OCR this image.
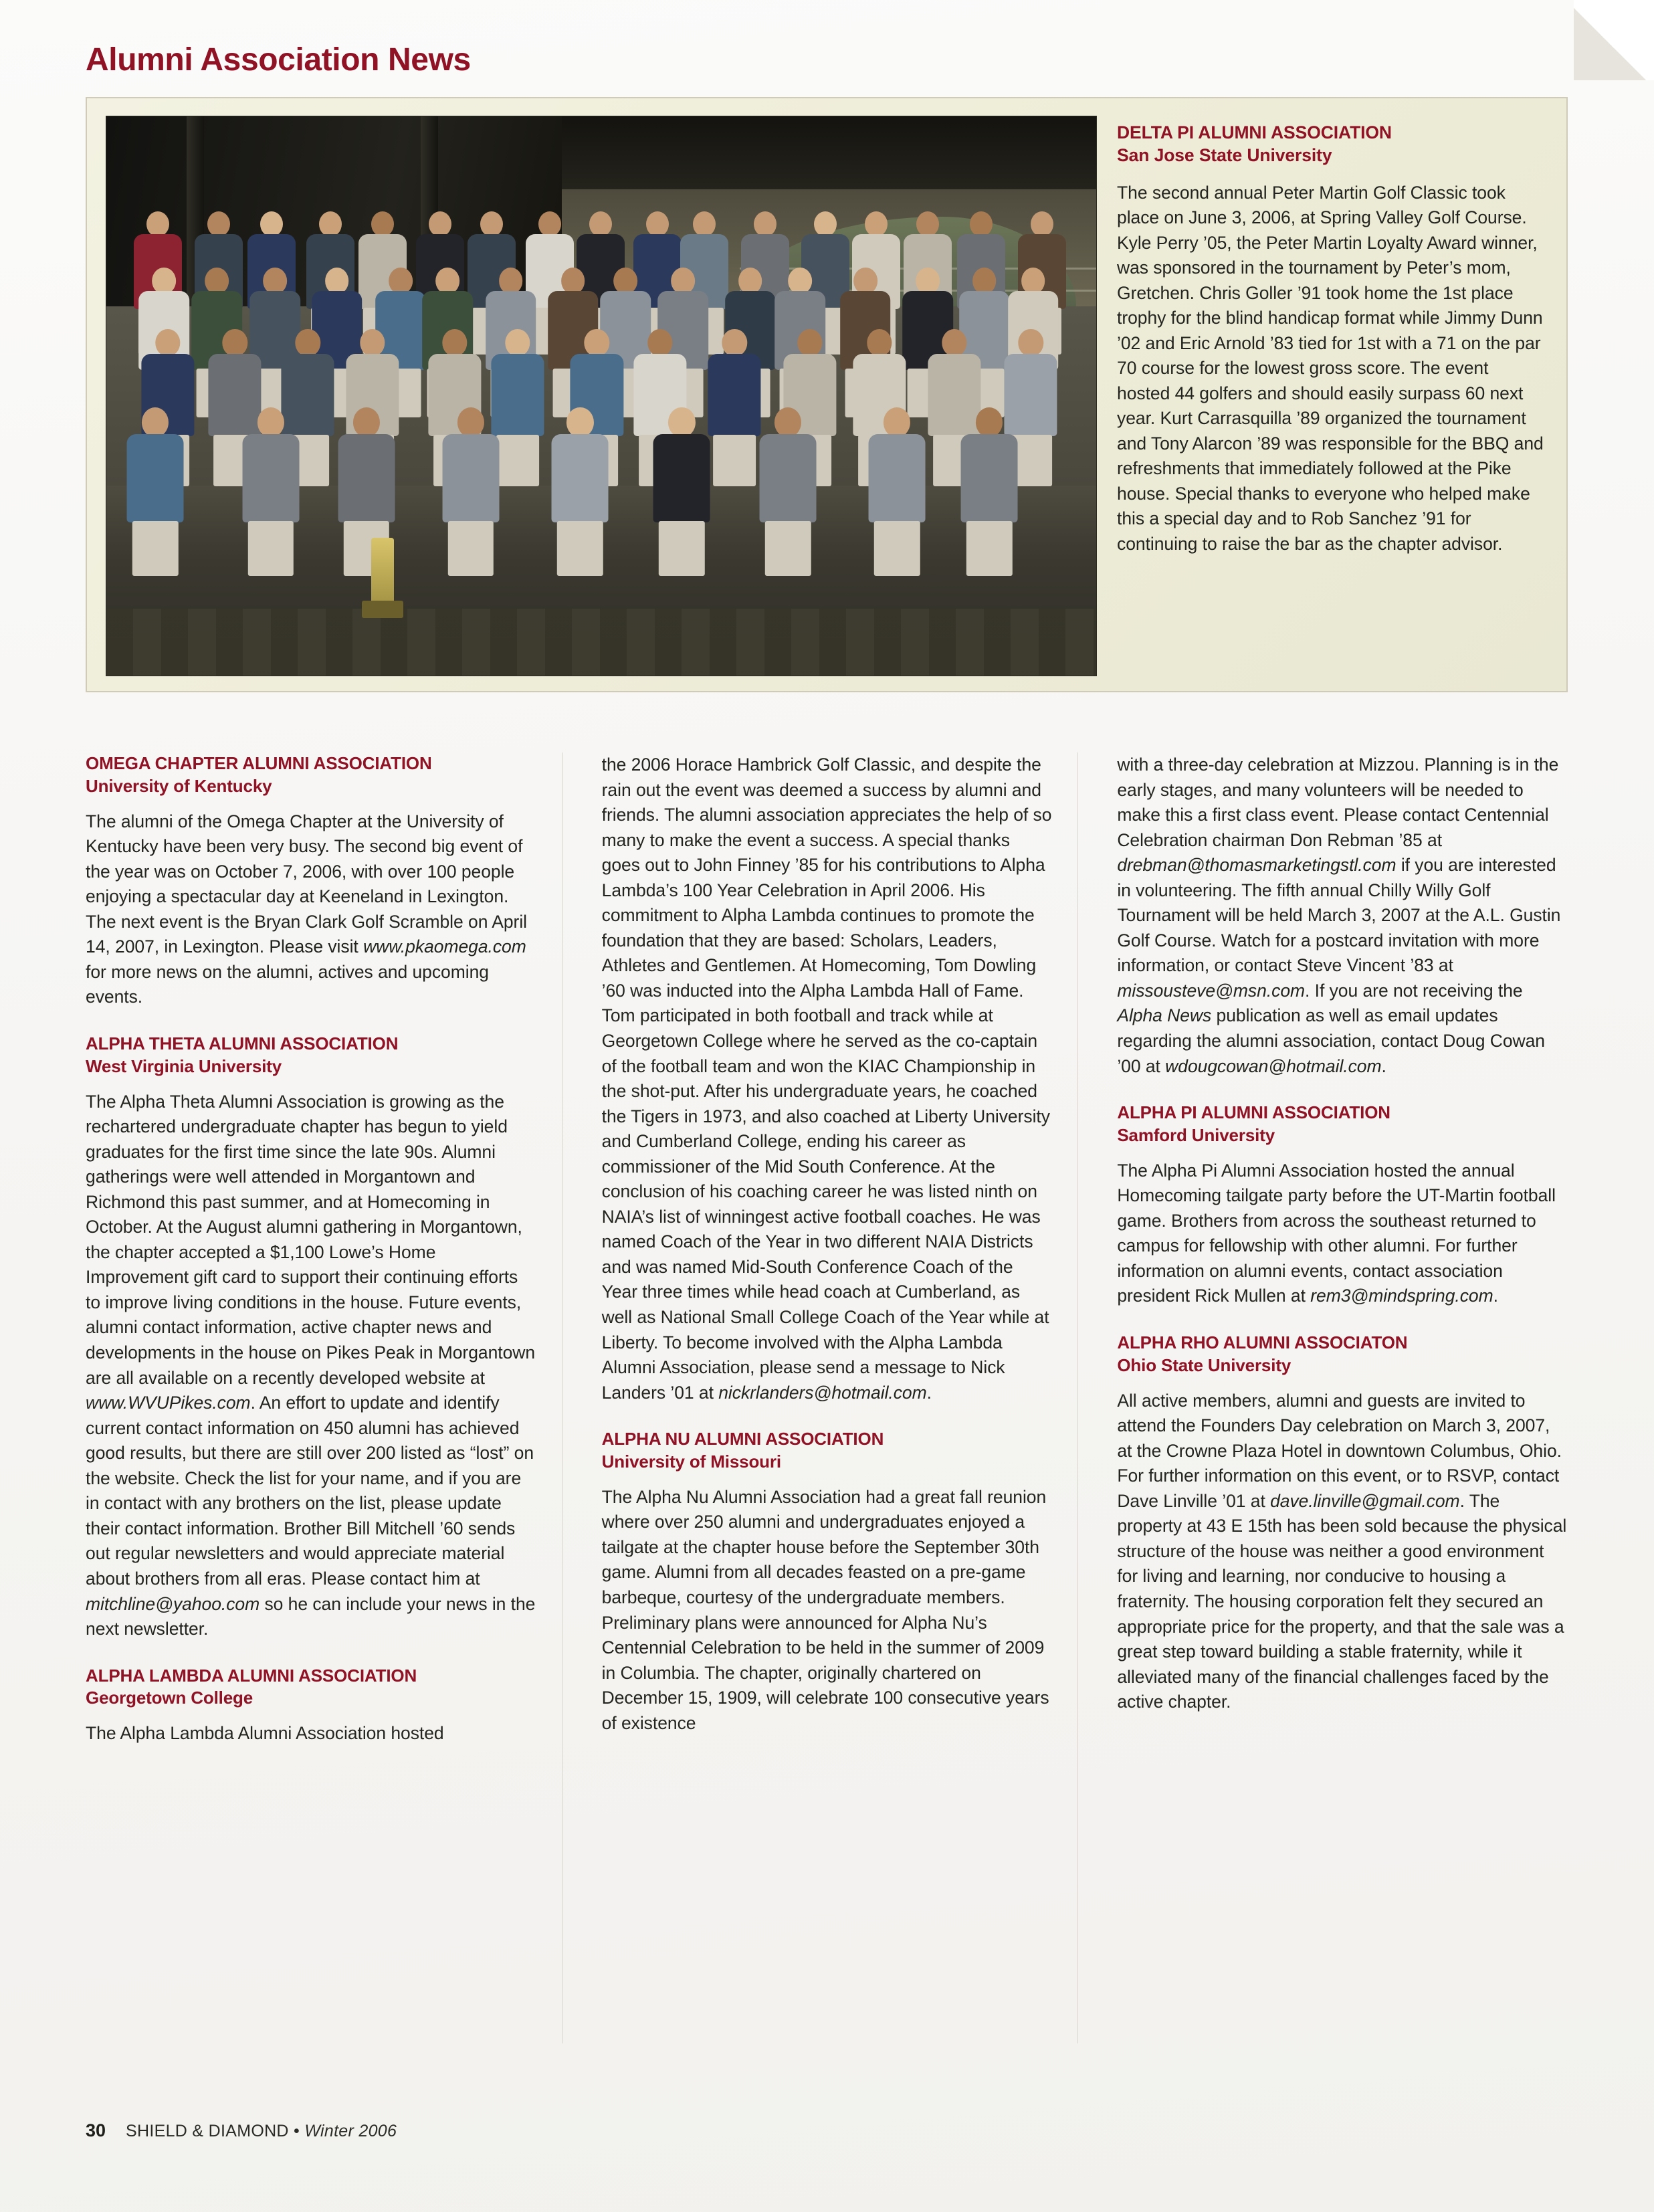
Alumni Association News
DELTA PI ALUMNI ASSOCIATION
San Jose State University
The second annual Peter Martin Golf Classic took place on June 3, 2006, at Spring Valley Golf Course. Kyle Perry ’05, the Peter Martin Loyalty Award winner, was sponsored in the tournament by Peter’s mom, Gretchen. Chris Goller ’91 took home the 1st place trophy for the blind handicap format while Jimmy Dunn ’02 and Eric Arnold ’83 tied for 1st with a 71 on the par 70 course for the lowest gross score. The event hosted 44 golfers and should easily surpass 60 next year. Kurt Carrasquilla ’89 organized the tournament and Tony Alarcon ’89 was responsible for the BBQ and refreshments that immediately followed at the Pike house. Special thanks to everyone who helped make this a special day and to Rob Sanchez ’91 for continuing to raise the bar as the chapter advisor.
OMEGA CHAPTER ALUMNI ASSOCIATION
University of Kentucky

The alumni of the Omega Chapter at the University of Kentucky have been very busy. The second big event of the year was on October 7, 2006, with over 100 people enjoying a spectacular day at Keeneland in Lexington. The next event is the Bryan Clark Golf Scramble on April 14, 2007, in Lexington. Please visit www.pkaomega.com for more news on the alumni, actives and upcoming events.

ALPHA THETA ALUMNI ASSOCIATION
West Virginia University

The Alpha Theta Alumni Association is growing as the rechartered undergraduate chapter has begun to yield graduates for the first time since the late 90s. Alumni gatherings were well attended in Morgantown and Richmond this past summer, and at Homecoming in October. At the August alumni gathering in Morgantown, the chapter accepted a $1,100 Lowe’s Home Improvement gift card to support their continuing efforts to improve living conditions in the house. Future events, alumni contact information, active chapter news and developments in the house on Pikes Peak in Morgantown are all available on a recently developed website at www.WVUPikes.com. An effort to update and identify current contact information on 450 alumni has achieved good results, but there are still over 200 listed as “lost” on the website. Check the list for your name, and if you are in contact with any brothers on the list, please update their contact information. Brother Bill Mitchell ’60 sends out regular newsletters and would appreciate material about brothers from all eras. Please contact him at mitchline@yahoo.com so he can include your news in the next newsletter.

ALPHA LAMBDA ALUMNI ASSOCIATION
Georgetown College

The Alpha Lambda Alumni Association hosted

the 2006 Horace Hambrick Golf Classic, and despite the rain out the event was deemed a success by alumni and friends. The alumni association appreciates the help of so many to make the event a success. A special thanks goes out to John Finney ’85 for his contributions to Alpha Lambda’s 100 Year Celebration in April 2006. His commitment to Alpha Lambda continues to promote the foundation that they are based: Scholars, Leaders, Athletes and Gentlemen. At Homecoming, Tom Dowling ’60 was inducted into the Alpha Lambda Hall of Fame. Tom participated in both football and track while at Georgetown College where he served as the co-captain of the football team and won the KIAC Championship in the shot-put. After his undergraduate years, he coached the Tigers in 1973, and also coached at Liberty University and Cumberland College, ending his career as commissioner of the Mid South Conference. At the conclusion of his coaching career he was listed ninth on NAIA’s list of winningest active football coaches. He was named Coach of the Year in two different NAIA Districts and was named Mid-South Conference Coach of the Year three times while head coach at Cumberland, as well as National Small College Coach of the Year while at Liberty. To become involved with the Alpha Lambda Alumni Association, please send a message to Nick Landers ’01 at nickrlanders@hotmail.com.

ALPHA NU ALUMNI ASSOCIATION
University of Missouri

The Alpha Nu Alumni Association had a great fall reunion where over 250 alumni and undergraduates enjoyed a tailgate at the chapter house before the September 30th game. Alumni from all decades feasted on a pre-game barbeque, courtesy of the undergraduate members. Preliminary plans were announced for Alpha Nu’s Centennial Celebration to be held in the summer of 2009 in Columbia. The chapter, originally chartered on December 15, 1909, will celebrate 100 consecutive years of existence

with a three-day celebration at Mizzou. Planning is in the early stages, and many volunteers will be needed to make this a first class event. Please contact Centennial Celebration chairman Don Rebman ’85 at drebman@thomasmarketingstl.com if you are interested in volunteering. The fifth annual Chilly Willy Golf Tournament will be held March 3, 2007 at the A.L. Gustin Golf Course. Watch for a postcard invitation with more information, or contact Steve Vincent ’83 at missousteve@msn.com. If you are not receiving the Alpha News publication as well as email updates regarding the alumni association, contact Doug Cowan ’00 at wdougcowan@hotmail.com.

ALPHA PI ALUMNI ASSOCIATION
Samford University

The Alpha Pi Alumni Association hosted the annual Homecoming tailgate party before the UT-Martin football game. Brothers from across the southeast returned to campus for fellowship with other alumni. For further information on alumni events, contact association president Rick Mullen at rem3@mindspring.com.

ALPHA RHO ALUMNI ASSOCIATON
Ohio State University

All active members, alumni and guests are invited to attend the Founders Day celebration on March 3, 2007, at the Crowne Plaza Hotel in downtown Columbus, Ohio. For further information on this event, or to RSVP, contact Dave Linville ’01 at dave.linville@gmail.com. The property at 43 E 15th has been sold because the physical structure of the house was neither a good environment for living and learning, nor conducive to housing a fraternity. The housing corporation felt they secured an appropriate price for the property, and that the sale was a great step toward building a stable fraternity, while it alleviated many of the financial challenges faced by the active chapter.

30 SHIELD & DIAMOND • Winter 2006
